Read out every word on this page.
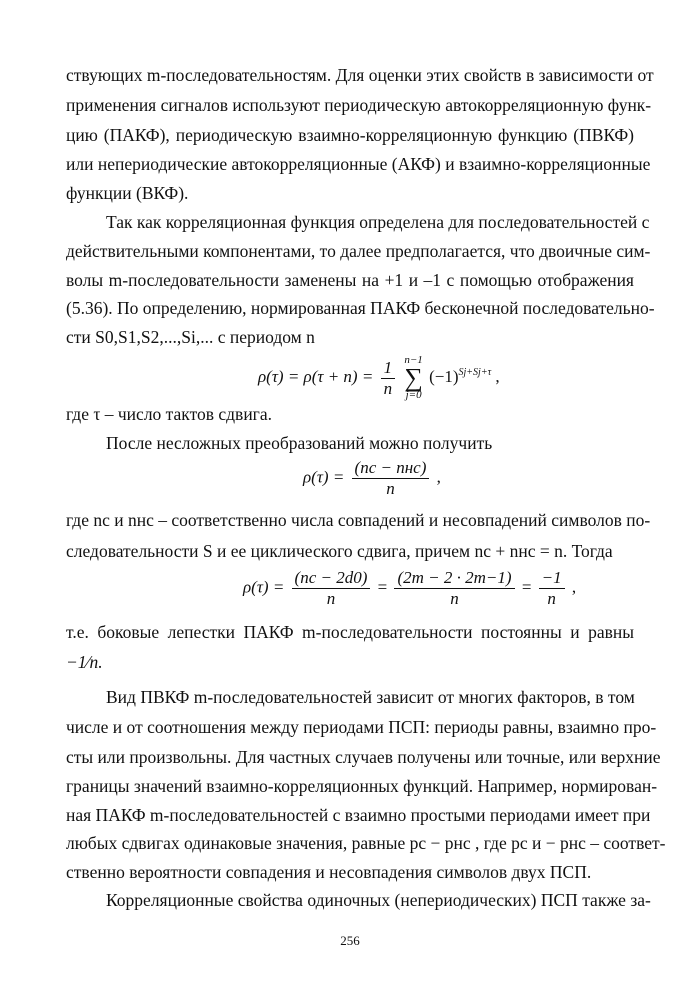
ствующих m-последовательностям. Для оценки этих свойств в зависимости от
применения сигналов используют периодическую автокорреляционную функ-
цию (ПАКФ), периодическую взаимно-корреляционную функцию (ПВКФ)
или непериодические автокорреляционные (АКФ) и взаимно-корреляционные
функции (ВКФ).
Так как корреляционная функция определена для последовательностей с
действительными компонентами, то далее предполагается, что двоичные сим-
волы m-последовательности заменены на +1 и –1 с помощью отображения
(5.36). По определению, нормированная ПАКФ бесконечной последовательно-
сти S0,S1,S2,...,Si,... с периодом n
$\rho(\tau) = \rho(\tau + n) = \frac{1}{n} n-1$
∑
j=0 $(-1)^{Sj+Sj+\tau}$ ,
где τ – число тактов сдвига.
После несложных преобразований можно получить
$\rho(\tau) = \frac{\text{(nс − nнс)}}{n}$ ,
где nс и nнс – соответственно числа совпадений и несовпадений символов по-
следовательности S и ее циклического сдвига, причем nс + nнс = n. Тогда
$\rho(\tau) = \frac{(nс - 2d0)}{n} = \frac{(2m - 2 \cdot 2m-1)}{n} = \frac{-1}{n}$ ,
т.е. боковые лепестки ПАКФ m-последовательности постоянны и равны
−1⁄n.
Вид ПВКФ m-последовательностей зависит от многих факторов, в том
числе и от соотношения между периодами ПСП: периоды равны, взаимно про-
сты или произвольны. Для частных случаев получены или точные, или верхние
границы значений взаимно-корреляционных функций. Например, нормирован-
ная ПАКФ m-последовательностей с взаимно простыми периодами имеет при
любых сдвигах одинаковые значения, равные pс − pнс , где pс и − pнс – соответ-
ственно вероятности совпадения и несовпадения символов двух ПСП.
Корреляционные свойства одиночных (непериодических) ПСП также за-
256
